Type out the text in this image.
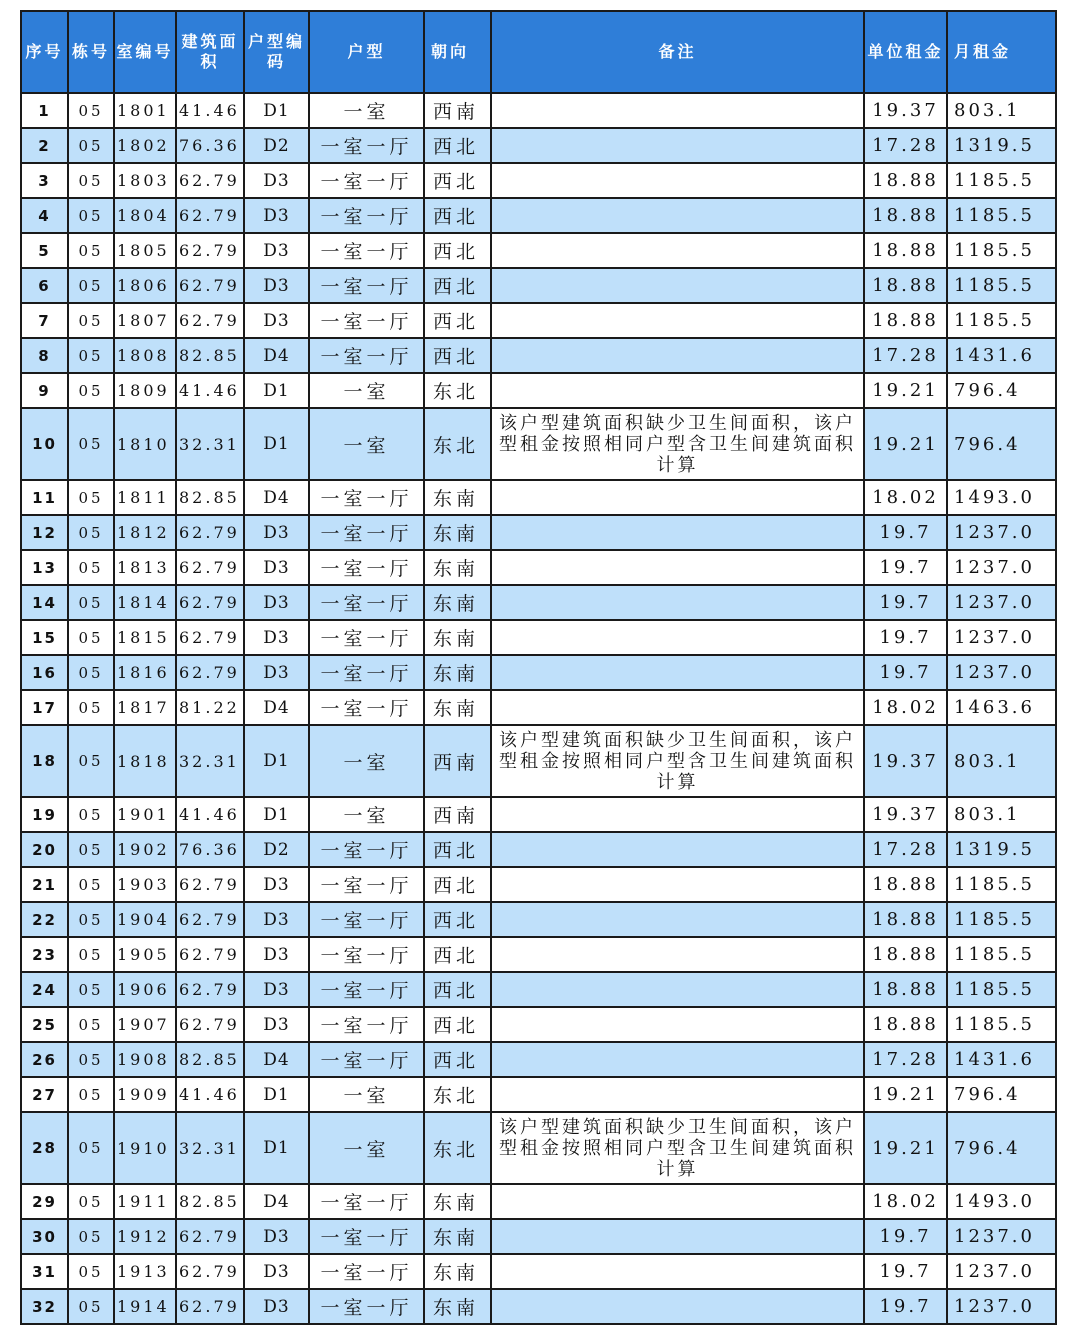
序号	栋号	室编号	建筑面积	户型编码	户型	朝向	备注	单位租金	月租金
1	05	1801	41.46	D1	一室	西南		19.37	803.1
2	05	1802	76.36	D2	一室一厅	西北		17.28	1319.5
3	05	1803	62.79	D3	一室一厅	西北		18.88	1185.5
4	05	1804	62.79	D3	一室一厅	西北		18.88	1185.5
5	05	1805	62.79	D3	一室一厅	西北		18.88	1185.5
6	05	1806	62.79	D3	一室一厅	西北		18.88	1185.5
7	05	1807	62.79	D3	一室一厅	西北		18.88	1185.5
8	05	1808	82.85	D4	一室一厅	西北		17.28	1431.6
9	05	1809	41.46	D1	一室	东北		19.21	796.4
10	05	1810	32.31	D1	一室	东北	该户型建筑面积缺少卫生间面积，该户型租金按照相同户型含卫生间建筑面积计算	19.21	796.4
11	05	1811	82.85	D4	一室一厅	东南		18.02	1493.0
12	05	1812	62.79	D3	一室一厅	东南		19.7	1237.0
13	05	1813	62.79	D3	一室一厅	东南		19.7	1237.0
14	05	1814	62.79	D3	一室一厅	东南		19.7	1237.0
15	05	1815	62.79	D3	一室一厅	东南		19.7	1237.0
16	05	1816	62.79	D3	一室一厅	东南		19.7	1237.0
17	05	1817	81.22	D4	一室一厅	东南		18.02	1463.6
18	05	1818	32.31	D1	一室	西南	该户型建筑面积缺少卫生间面积，该户型租金按照相同户型含卫生间建筑面积计算	19.37	803.1
19	05	1901	41.46	D1	一室	西南		19.37	803.1
20	05	1902	76.36	D2	一室一厅	西北		17.28	1319.5
21	05	1903	62.79	D3	一室一厅	西北		18.88	1185.5
22	05	1904	62.79	D3	一室一厅	西北		18.88	1185.5
23	05	1905	62.79	D3	一室一厅	西北		18.88	1185.5
24	05	1906	62.79	D3	一室一厅	西北		18.88	1185.5
25	05	1907	62.79	D3	一室一厅	西北		18.88	1185.5
26	05	1908	82.85	D4	一室一厅	西北		17.28	1431.6
27	05	1909	41.46	D1	一室	东北		19.21	796.4
28	05	1910	32.31	D1	一室	东北	该户型建筑面积缺少卫生间面积，该户型租金按照相同户型含卫生间建筑面积计算	19.21	796.4
29	05	1911	82.85	D4	一室一厅	东南		18.02	1493.0
30	05	1912	62.79	D3	一室一厅	东南		19.7	1237.0
31	05	1913	62.79	D3	一室一厅	东南		19.7	1237.0
32	05	1914	62.79	D3	一室一厅	东南		19.7	1237.0
